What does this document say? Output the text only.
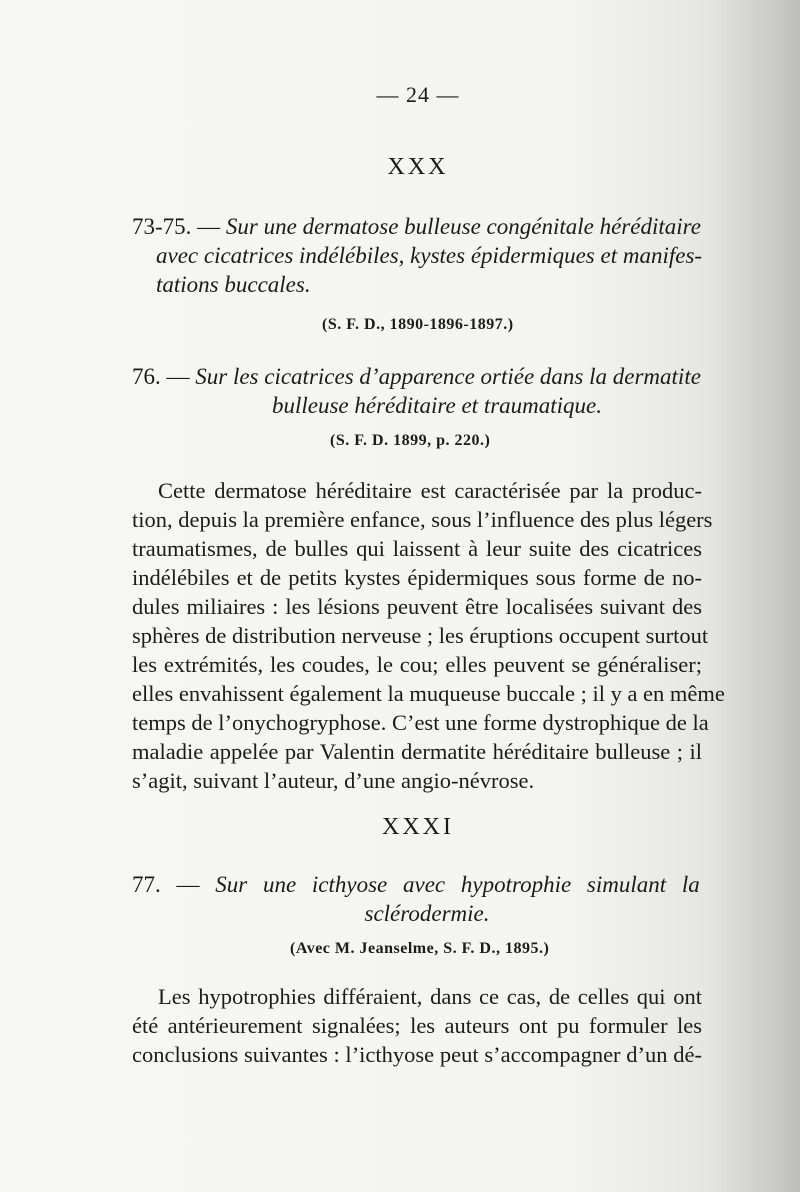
— 24 —
XXX
73-75. — Sur une dermatose bulleuse congénitale héréditaire
avec cicatrices indélébiles, kystes épidermiques et manifes-
tations buccales.
(S. F. D., 1890-1896-1897.)
76. — Sur les cicatrices d’apparence ortiée dans la dermatite
bulleuse héréditaire et traumatique.
(S. F. D. 1899, p. 220.)
Cette dermatose héréditaire est caractérisée par la produc-
tion, depuis la première enfance, sous l’influence des plus légers
traumatismes, de bulles qui laissent à leur suite des cicatrices
indélébiles et de petits kystes épidermiques sous forme de no-
dules miliaires : les lésions peuvent être localisées suivant des
sphères de distribution nerveuse ; les éruptions occupent surtout
les extrémités, les coudes, le cou; elles peuvent se généraliser;
elles envahissent également la muqueuse buccale ; il y a en même
temps de l’onychogryphose. C’est une forme dystrophique de la
maladie appelée par Valentin dermatite héréditaire bulleuse ; il
s’agit, suivant l’auteur, d’une angio-névrose.
XXXI
77. — Sur une icthyose avec hypotrophie simulant la
sclérodermie.
(Avec M. Jeanselme, S. F. D., 1895.)
Les hypotrophies différaient, dans ce cas, de celles qui ont
été antérieurement signalées; les auteurs ont pu formuler les
conclusions suivantes : l’icthyose peut s’accompagner d’un dé-
